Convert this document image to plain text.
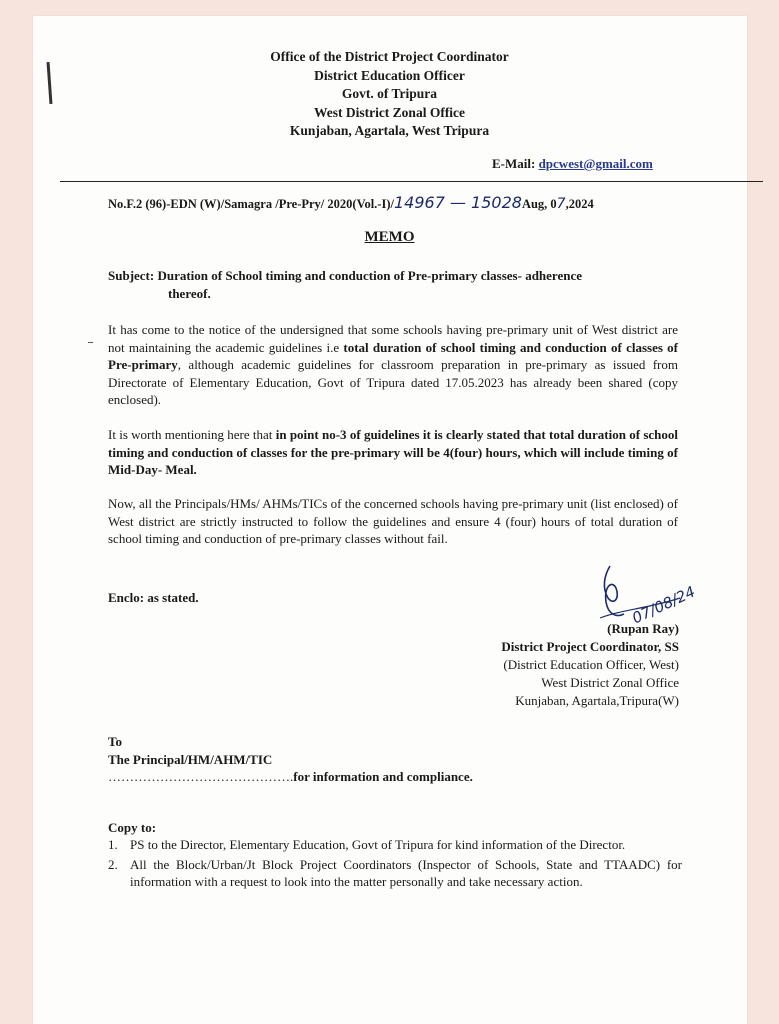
Office of the District Project Coordinator
District Education Officer
Govt. of Tripura
West District Zonal Office
Kunjaban, Agartala, West Tripura
E-Mail: dpcwest@gmail.com
No.F.2 (96)-EDN (W)/Samagra /Pre-Pry/ 2020(Vol.-I)/14967 — 15028Aug, 07,2024
MEMO
Subject: Duration of School timing and conduction of Pre-primary classes- adherence
thereof.
It has come to the notice of the undersigned that some schools having pre-primary unit of West district are not maintaining the academic guidelines i.e total duration of school timing and conduction of classes of Pre-primary, although academic guidelines for classroom preparation in pre-primary as issued from Directorate of Elementary Education, Govt of Tripura dated 17.05.2023 has already been shared (copy enclosed).
It is worth mentioning here that in point no-3 of guidelines it is clearly stated that total duration of school timing and conduction of classes for the pre-primary will be 4(four) hours, which will include timing of Mid-Day- Meal.
Now, all the Principals/HMs/ AHMs/TICs of the concerned schools having pre-primary unit (list enclosed) of West district are strictly instructed to follow the guidelines and ensure 4 (four) hours of total duration of school timing and conduction of pre-primary classes without fail.
Enclo: as stated.	07/08/24
(Rupan Ray)
District Project Coordinator, SS
(District Education Officer, West)
West District Zonal Office
Kunjaban, Agartala,Tripura(W)
To
The Principal/HM/AHM/TIC
…………………………………….for information and compliance.
Copy to:
1. PS to the Director, Elementary Education, Govt of Tripura for kind information of the Director.
2. All the Block/Urban/Jt Block Project Coordinators (Inspector of Schools, State and TTAADC) for information with a request to look into the matter personally and take necessary action.
